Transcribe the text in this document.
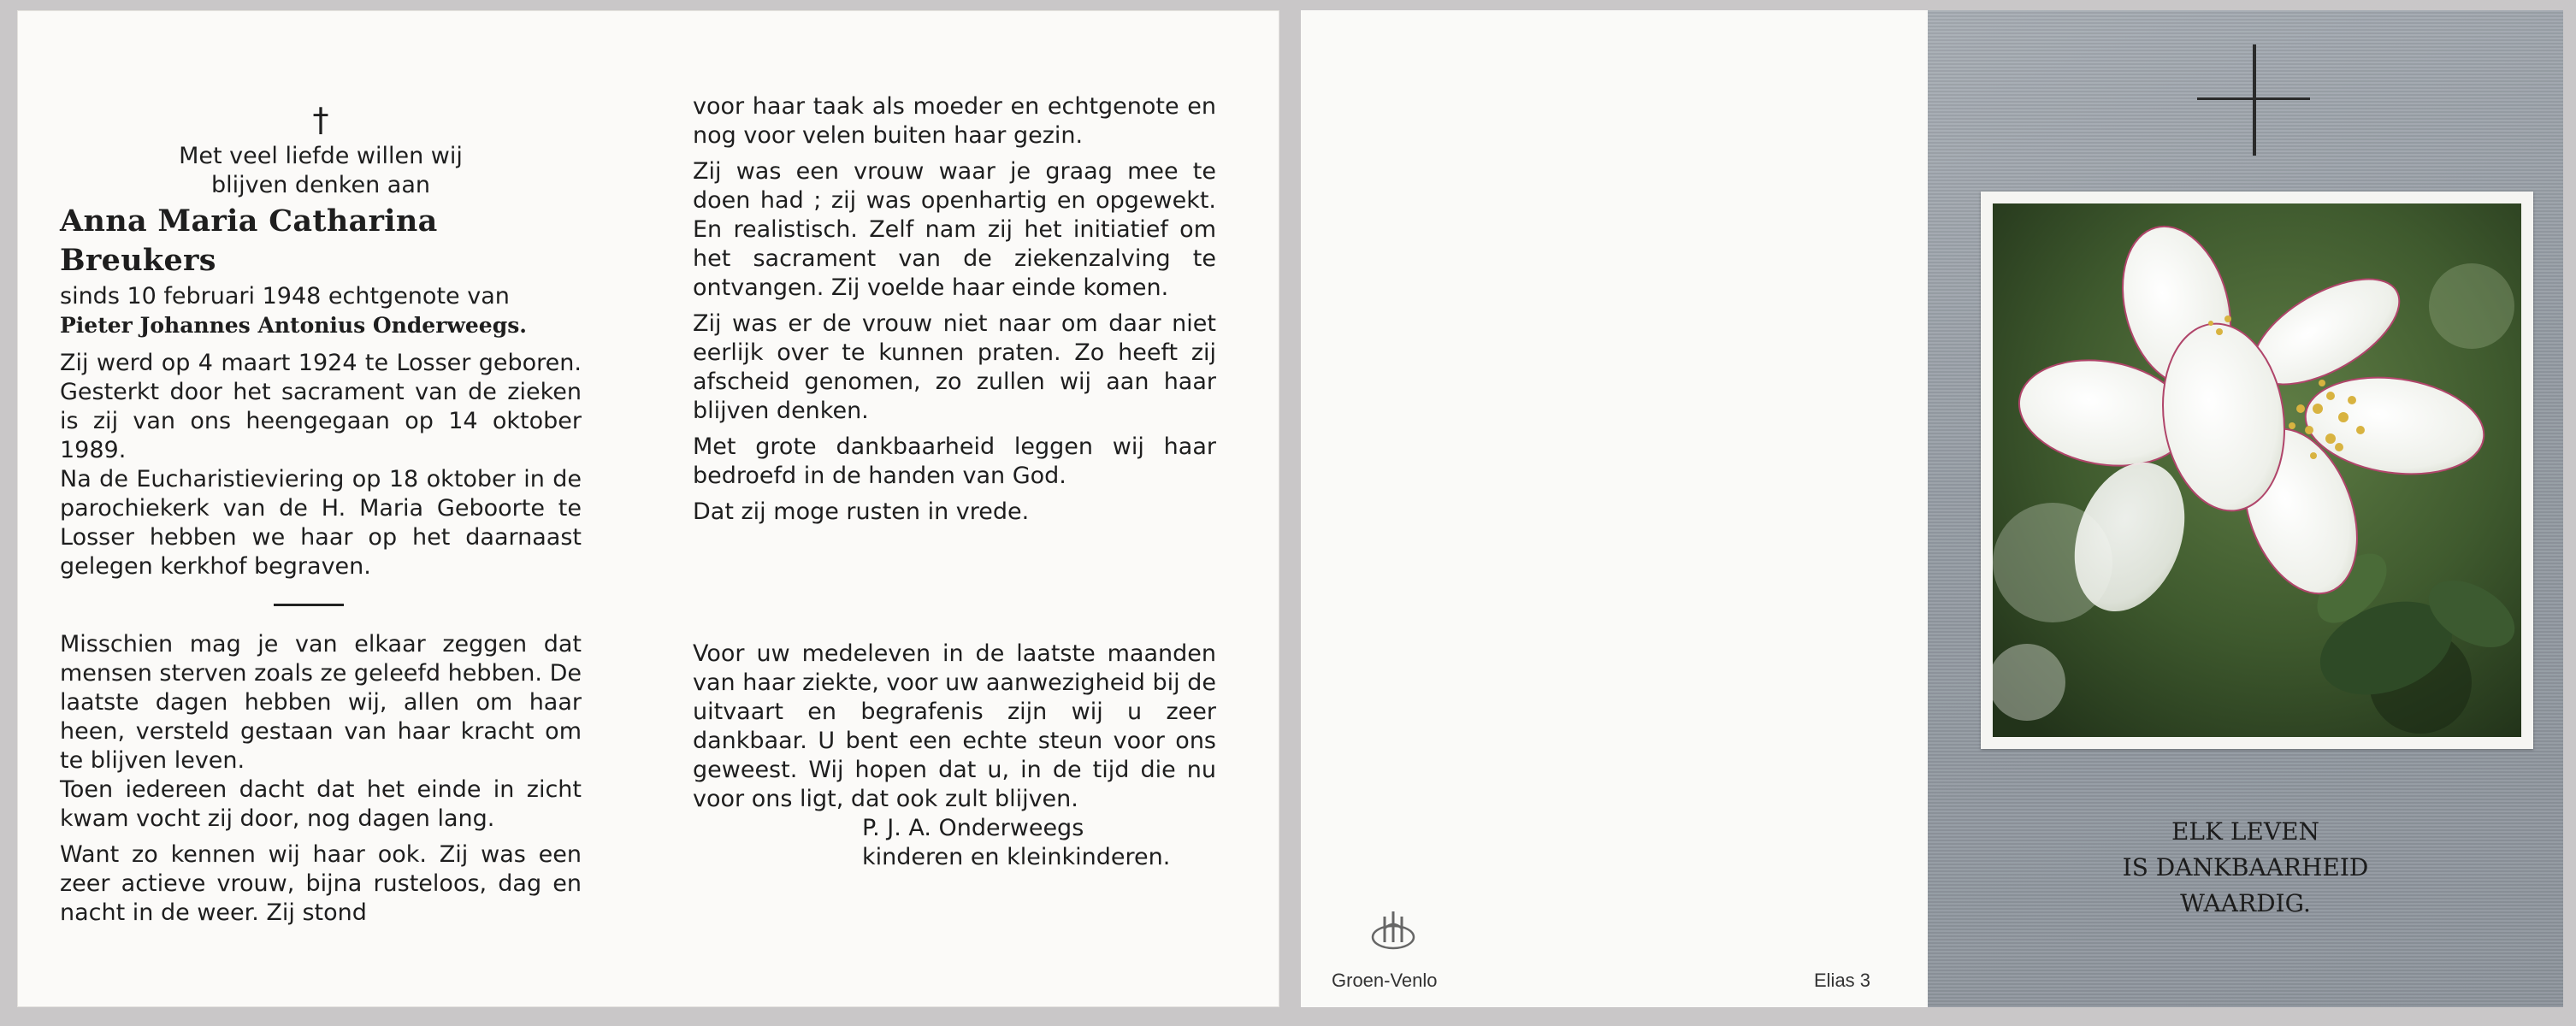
†
Met veel liefde willen wij
blijven denken aan
Anna Maria Catharina Breukers
sinds 10 februari 1948 echtgenote van
Pieter Johannes Antonius Onderweegs.

Zij werd op 4 maart 1924 te Losser geboren. Gesterkt door het sacrament van de zieken is zij van ons heengegaan op 14 oktober 1989.

Na de Eucharistieviering op 18 oktober in de parochiekerk van de H. Maria Geboorte te Losser hebben we haar op het daarnaast gelegen kerkhof begraven.

Misschien mag je van elkaar zeggen dat mensen sterven zoals ze geleefd hebben. De laatste dagen hebben wij, allen om haar heen, versteld gestaan van haar kracht om te blijven leven.

Toen iedereen dacht dat het einde in zicht kwam vocht zij door, nog dagen lang.

Want zo kennen wij haar ook. Zij was een zeer actieve vrouw, bijna rusteloos, dag en nacht in de weer. Zij stond

voor haar taak als moeder en echtgenote en nog voor velen buiten haar gezin.

Zij was een vrouw waar je graag mee te doen had ; zij was openhartig en opgewekt. En realistisch. Zelf nam zij het initiatief om het sacrament van de ziekenzalving te ontvangen. Zij voelde haar einde komen.

Zij was er de vrouw niet naar om daar niet eerlijk over te kunnen praten. Zo heeft zij afscheid genomen, zo zullen wij aan haar blijven denken.

Met grote dankbaarheid leggen wij haar bedroefd in de handen van God.

Dat zij moge rusten in vrede.

Voor uw medeleven in de laatste maanden van haar ziekte, voor uw aanwezigheid bij de uitvaart en begrafenis zijn wij u zeer dankbaar. U bent een echte steun voor ons geweest. Wij hopen dat u, in de tijd die nu voor ons ligt, dat ook zult blijven.

P. J. A. Onderweegs
kinderen en kleinkinderen.
Groen-Venlo	Elias 3
ELK LEVEN
IS DANKBAARHEID
WAARDIG.
